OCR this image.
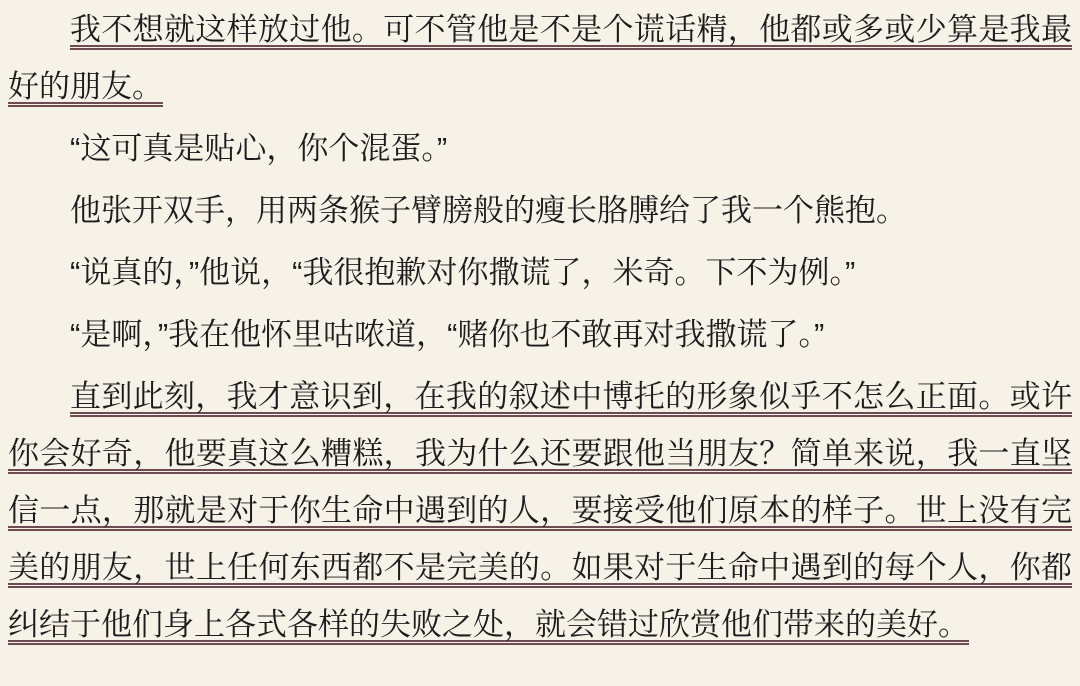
我不想就这样放过他。可不管他是不是个谎话精，他都或多或少算是我最好的朋友。

“这可真是贴心，你个混蛋。”

他张开双手，用两条猴子臂膀般的瘦长胳膊给了我一个熊抱。

“说真的，”他说，“我很抱歉对你撒谎了，米奇。下不为例。”

“是啊，”我在他怀里咕哝道，“赌你也不敢再对我撒谎了。”

直到此刻，我才意识到，在我的叙述中博托的形象似乎不怎么正面。或许你会好奇，他要真这么糟糕，我为什么还要跟他当朋友？简单来说，我一直坚信一点，那就是对于你生命中遇到的人，要接受他们原本的样子。世上没有完美的朋友，世上任何东西都不是完美的。如果对于生命中遇到的每个人，你都纠结于他们身上各式各样的失败之处，就会错过欣赏他们带来的美好。
